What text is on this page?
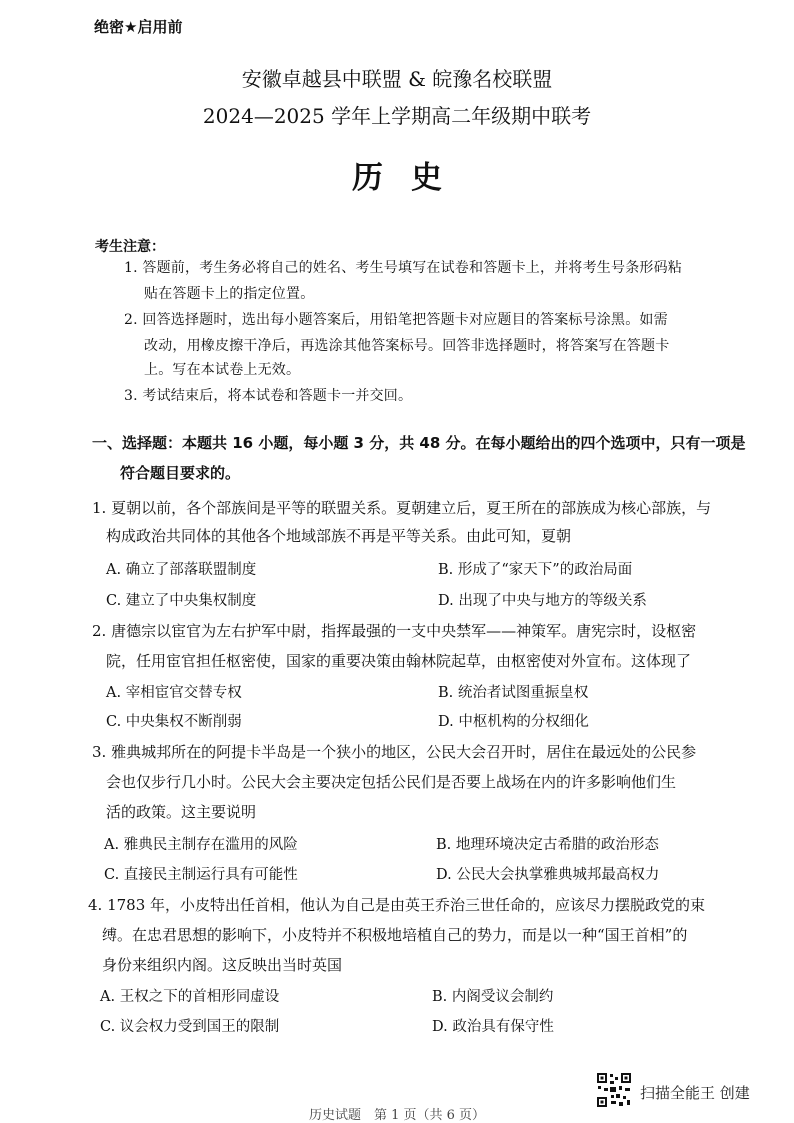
绝密★启用前
安徽卓越县中联盟 & 皖豫名校联盟
2024—2025 学年上学期高二年级期中联考
历史
考生注意：
1. 答题前，考生务必将自己的姓名、考生号填写在试卷和答题卡上，并将考生号条形码粘
贴在答题卡上的指定位置。
2. 回答选择题时，选出每小题答案后，用铅笔把答题卡对应题目的答案标号涂黑。如需
改动，用橡皮擦干净后，再选涂其他答案标号。回答非选择题时，将答案写在答题卡
上。写在本试卷上无效。
3. 考试结束后，将本试卷和答题卡一并交回。
一、选择题：本题共 16 小题，每小题 3 分，共 48 分。在每小题给出的四个选项中，只有一项是
符合题目要求的。
1. 夏朝以前，各个部族间是平等的联盟关系。夏朝建立后，夏王所在的部族成为核心部族，与
构成政治共同体的其他各个地域部族不再是平等关系。由此可知，夏朝
A. 确立了部落联盟制度	B. 形成了“家天下”的政治局面
C. 建立了中央集权制度	D. 出现了中央与地方的等级关系
2. 唐德宗以宦官为左右护军中尉，指挥最强的一支中央禁军——神策军。唐宪宗时，设枢密
院，任用宦官担任枢密使，国家的重要决策由翰林院起草，由枢密使对外宣布。这体现了
A. 宰相宦官交替专权	B. 统治者试图重振皇权
C. 中央集权不断削弱	D. 中枢机构的分权细化
3. 雅典城邦所在的阿提卡半岛是一个狭小的地区，公民大会召开时，居住在最远处的公民参
会也仅步行几小时。公民大会主要决定包括公民们是否要上战场在内的许多影响他们生
活的政策。这主要说明
A. 雅典民主制存在滥用的风险	B. 地理环境决定古希腊的政治形态
C. 直接民主制运行具有可能性	D. 公民大会执掌雅典城邦最高权力
4. 1783 年，小皮特出任首相，他认为自己是由英王乔治三世任命的，应该尽力摆脱政党的束
缚。在忠君思想的影响下，小皮特并不积极地培植自己的势力，而是以一种“国王首相”的
身份来组织内阁。这反映出当时英国
A. 王权之下的首相形同虚设	B. 内阁受议会制约
C. 议会权力受到国王的限制	D. 政治具有保守性
历史试题　第 1 页（共 6 页）
扫描全能王 创建
